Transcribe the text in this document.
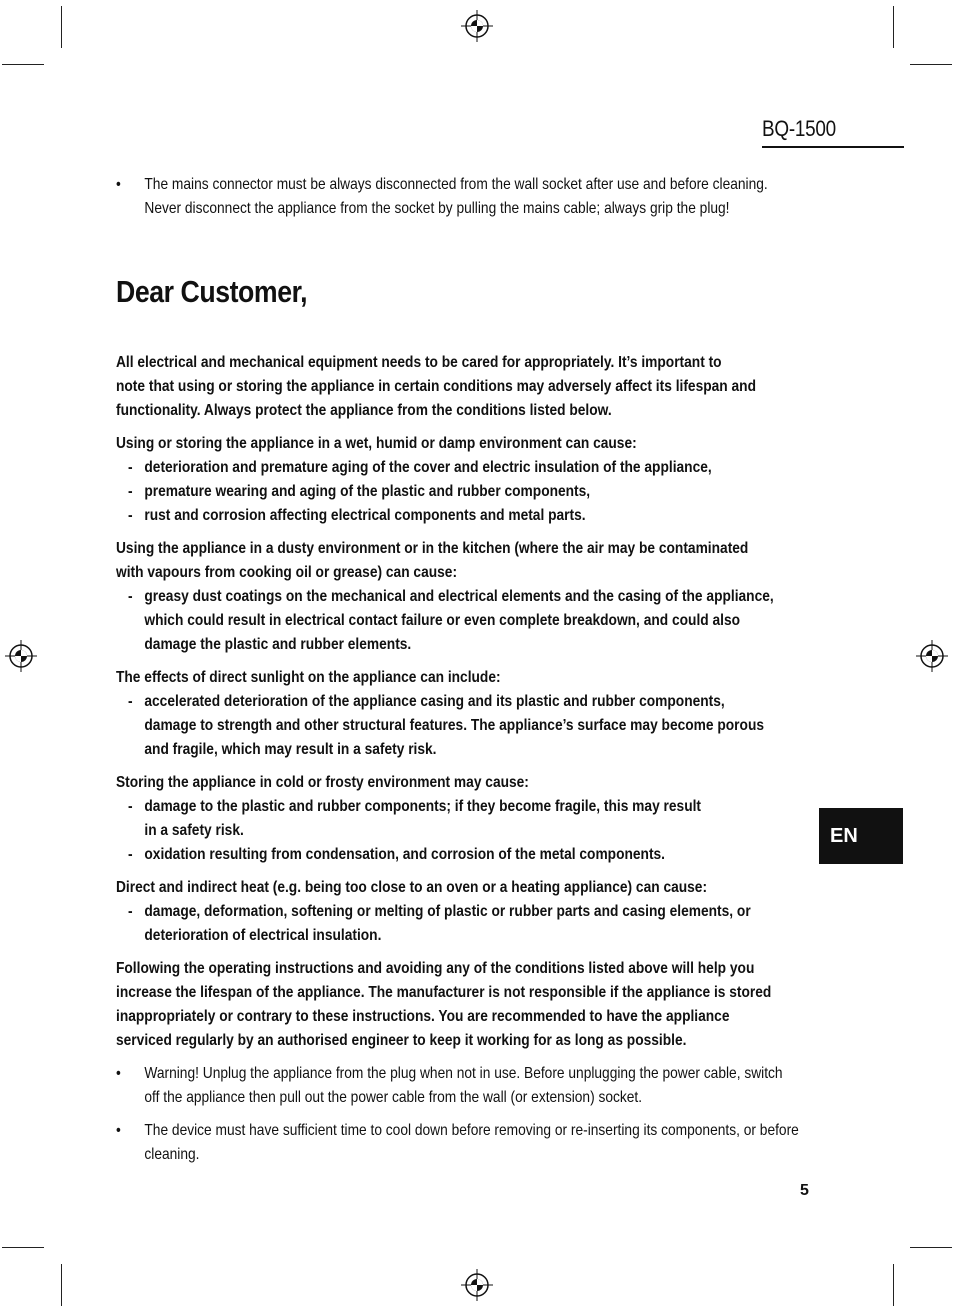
BQ-1500
EN
5
• The mains connector must be always disconnected from the wall socket after use and before cleaning.
Never disconnect the appliance from the socket by pulling the mains cable; always grip the plug!
Dear Customer,
All electrical and mechanical equipment needs to be cared for appropriately. It’s important to
note that using or storing the appliance in certain conditions may adversely affect its lifespan and
functionality. Always protect the appliance from the conditions listed below.
Using or storing the appliance in a wet, humid or damp environment can cause:
- deterioration and premature aging of the cover and electric insulation of the appliance,
- premature wearing and aging of the plastic and rubber components,
- rust and corrosion affecting electrical components and metal parts.
Using the appliance in a dusty environment or in the kitchen (where the air may be contaminated
with vapours from cooking oil or grease) can cause:
- greasy dust coatings on the mechanical and electrical elements and the casing of the appliance,
which could result in electrical contact failure or even complete breakdown, and could also
damage the plastic and rubber elements.
The effects of direct sunlight on the appliance can include:
- accelerated deterioration of the appliance casing and its plastic and rubber components,
damage to strength and other structural features. The appliance’s surface may become porous
and fragile, which may result in a safety risk.
Storing the appliance in cold or frosty environment may cause:
- damage to the plastic and rubber components; if they become fragile, this may result
in a safety risk.
- oxidation resulting from condensation, and corrosion of the metal components.
Direct and indirect heat (e.g. being too close to an oven or a heating appliance) can cause:
- damage, deformation, softening or melting of plastic or rubber parts and casing elements, or
deterioration of electrical insulation.
Following the operating instructions and avoiding any of the conditions listed above will help you
increase the lifespan of the appliance. The manufacturer is not responsible if the appliance is stored
inappropriately or contrary to these instructions. You are recommended to have the appliance
serviced regularly by an authorised engineer to keep it working for as long as possible.
• Warning! Unplug the appliance from the plug when not in use. Before unplugging the power cable, switch
off the appliance then pull out the power cable from the wall (or extension) socket.
• The device must have sufficient time to cool down before removing or re-inserting its components, or before
cleaning.
